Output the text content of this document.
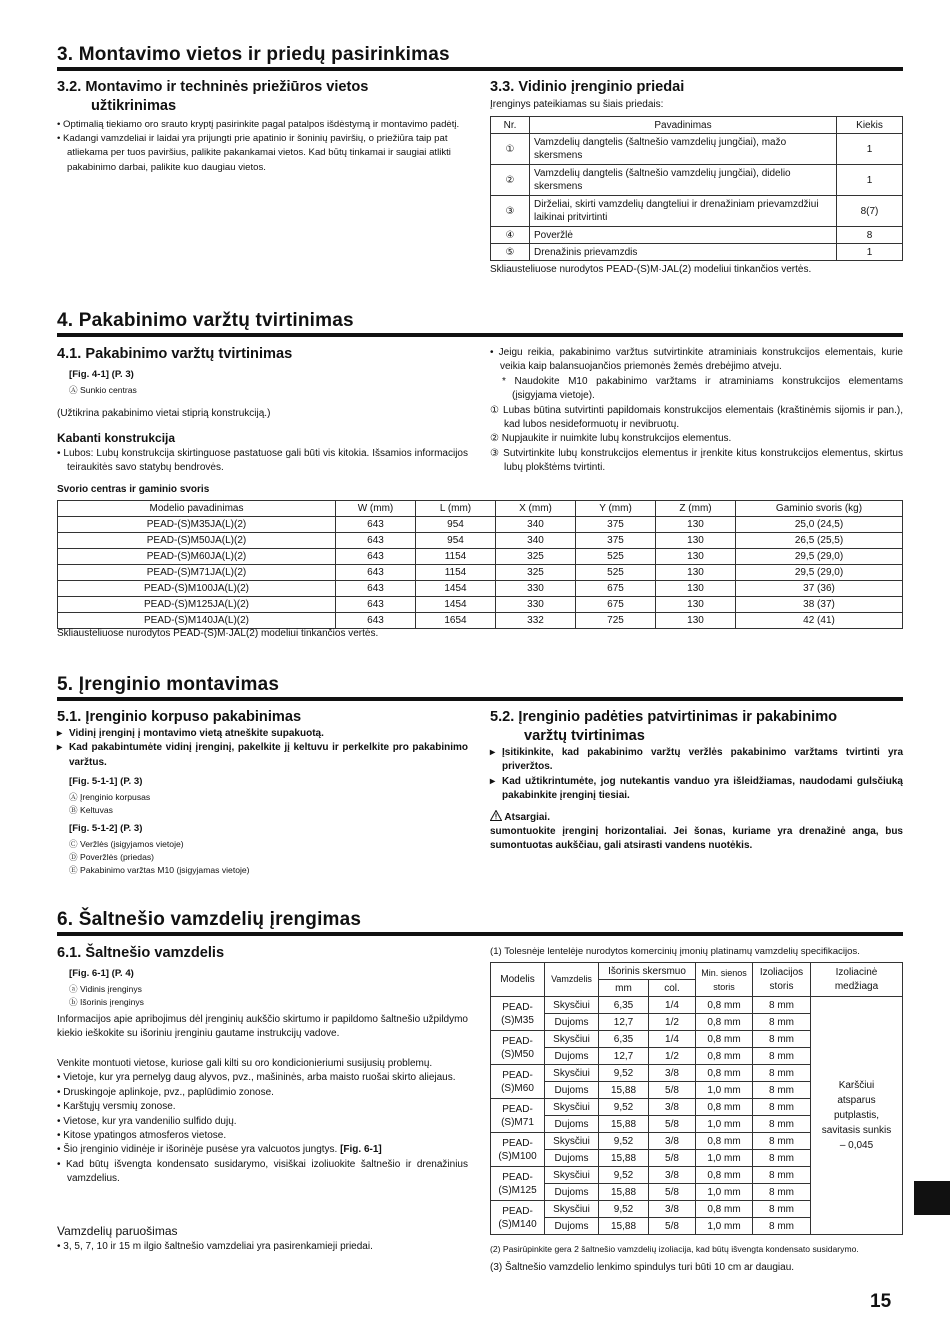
3. Montavimo vietos ir priedų pasirinkimas
3.2. Montavimo ir techninės priežiūros vietos
užtikrinimas
• Optimalią tiekiamo oro srauto kryptį pasirinkite pagal patalpos išdėstymą ir montavimo padėtį.
• Kadangi vamzdeliai ir laidai yra prijungti prie apatinio ir šoninių paviršių, o priežiūra taip pat atliekama per tuos paviršius, palikite pakankamai vietos. Kad būtų tinkamai ir saugiai atlikti pakabinimo darbai, palikite kuo daugiau vietos.
3.3. Vidinio įrenginio priedai
Įrenginys pateikiamas su šiais priedais:
Nr.	Pavadinimas	Kiekis
①	Vamzdelių dangtelis (šaltnešio vamzdelių jungčiai), mažo skersmens	1
②	Vamzdelių dangtelis (šaltnešio vamzdelių jungčiai), didelio skersmens	1
③	Dirželiai, skirti vamzdelių dangteliui ir drenažiniam prievamzdžiui laikinai pritvirtinti	8(7)
④	Poveržlė	8
⑤	Drenažinis prievamzdis	1
Skliausteliuose nurodytos PEAD-(S)M·JAL(2) modeliui tinkančios vertės.
4. Pakabinimo varžtų tvirtinimas
4.1. Pakabinimo varžtų tvirtinimas
[Fig. 4-1] (P. 3)
Ⓐ Sunkio centras
(Užtikrina pakabinimo vietai stiprią konstrukciją.)
Kabanti konstrukcija
• Lubos: Lubų konstrukcija skirtinguose pastatuose gali būti vis kitokia. Išsamios informacijos teiraukitės savo statybų bendrovės.
• Jeigu reikia, pakabinimo varžtus sutvirtinkite atraminiais konstrukcijos elementais, kurie veikia kaip balansuojančios priemonės žemės drebėjimo atveju.
* Naudokite M10 pakabinimo varžtams ir atraminiams konstrukcijos elementams (įsigyjama vietoje).
① Lubas būtina sutvirtinti papildomais konstrukcijos elementais (kraštinėmis sijomis ir pan.), kad lubos nesideformuotų ir nevibruotų.
② Nupjaukite ir nuimkite lubų konstrukcijos elementus.
③ Sutvirtinkite lubų konstrukcijos elementus ir įrenkite kitus konstrukcijos elementus, skirtus lubų plokštėms tvirtinti.
Svorio centras ir gaminio svoris
Modelio pavadinimas	W (mm)	L (mm)	X (mm)	Y (mm)	Z (mm)	Gaminio svoris (kg)
PEAD-(S)M35JA(L)(2)	643	954	340	375	130	25,0 (24,5)
PEAD-(S)M50JA(L)(2)	643	954	340	375	130	26,5 (25,5)
PEAD-(S)M60JA(L)(2)	643	1154	325	525	130	29,5 (29,0)
PEAD-(S)M71JA(L)(2)	643	1154	325	525	130	29,5 (29,0)
PEAD-(S)M100JA(L)(2)	643	1454	330	675	130	37 (36)
PEAD-(S)M125JA(L)(2)	643	1454	330	675	130	38 (37)
PEAD-(S)M140JA(L)(2)	643	1654	332	725	130	42 (41)
Skliausteliuose nurodytos PEAD-(S)M·JAL(2) modeliui tinkančios vertės.
5. Įrenginio montavimas
5.1. Įrenginio korpuso pakabinimas
▸ Vidinį įrenginį į montavimo vietą atneškite supakuotą.
▸ Kad pakabintumėte vidinį įrenginį, pakelkite jį keltuvu ir perkelkite pro pakabinimo varžtus.
[Fig. 5-1-1] (P. 3)
Ⓐ Įrenginio korpusas
Ⓑ Keltuvas
[Fig. 5-1-2] (P. 3)
Ⓒ Veržlės (įsigyjamos vietoje)
Ⓓ Poveržlės (priedas)
Ⓔ Pakabinimo varžtas M10 (įsigyjamas vietoje)
5.2. Įrenginio padėties patvirtinimas ir pakabinimo
varžtų tvirtinimas
▸ Įsitikinkite, kad pakabinimo varžtų veržlės pakabinimo varžtams tvirtinti yra priveržtos.
▸ Kad užtikrintumėte, jog nutekantis vanduo yra išleidžiamas, naudodami gulsčiuką pakabinkite įrenginį tiesiai.
Atsargiai.
sumontuokite įrenginį horizontaliai. Jei šonas, kuriame yra drenažinė anga, bus sumontuotas aukščiau, gali atsirasti vandens nuotėkis.
6. Šaltnešio vamzdelių įrengimas
6.1. Šaltnešio vamzdelis
[Fig. 6-1] (P. 4)
ⓐ Vidinis įrenginys
ⓑ Išorinis įrenginys
Informacijos apie apribojimus dėl įrenginių aukščio skirtumo ir papildomo šaltnešio užpildymo kiekio ieškokite su išoriniu įrenginiu gautame instrukcijų vadove.
Venkite montuoti vietose, kuriose gali kilti su oro kondicionieriumi susijusių problemų.
• Vietoje, kur yra pernelyg daug alyvos, pvz., mašininės, arba maisto ruošai skirto aliejaus.
• Druskingoje aplinkoje, pvz., paplūdimio zonose.
• Karštųjų versmių zonose.
• Vietose, kur yra vandenilio sulfido dujų.
• Kitose ypatingos atmosferos vietose.
• Šio įrenginio vidinėje ir išorinėje pusėse yra valcuotos jungtys. [Fig. 6-1]
• Kad būtų išvengta kondensato susidarymo, visiškai izoliuokite šaltnešio ir drenažinius vamzdelius.
Vamzdelių paruošimas
• 3, 5, 7, 10 ir 15 m ilgio šaltnešio vamzdeliai yra pasirenkamieji priedai.
(1) Tolesnėje lentelėje nurodytos komercinių įmonių platinamų vamzdelių specifikacijos.
Modelis	Vamzdelis	Išorinis skersmuo		Min. sienos storis	Izoliacijos storis	Izoliacinė medžiaga
		mm	col.			
PEAD-(S)M35	Skysčiui	6,35	1/4	0,8 mm	8 mm	Karščiui atsparus putplastis, savitasis sunkis – 0,045
	Dujoms	12,7	1/2	0,8 mm	8 mm	
PEAD-(S)M50	Skysčiui	6,35	1/4	0,8 mm	8 mm	
	Dujoms	12,7	1/2	0,8 mm	8 mm	
PEAD-(S)M60	Skysčiui	9,52	3/8	0,8 mm	8 mm	
	Dujoms	15,88	5/8	1,0 mm	8 mm	
PEAD-(S)M71	Skysčiui	9,52	3/8	0,8 mm	8 mm	
	Dujoms	15,88	5/8	1,0 mm	8 mm	
PEAD-(S)M100	Skysčiui	9,52	3/8	0,8 mm	8 mm	
	Dujoms	15,88	5/8	1,0 mm	8 mm	
PEAD-(S)M125	Skysčiui	9,52	3/8	0,8 mm	8 mm	
	Dujoms	15,88	5/8	1,0 mm	8 mm	
PEAD-(S)M140	Skysčiui	9,52	3/8	0,8 mm	8 mm	
	Dujoms	15,88	5/8	1,0 mm	8 mm	
(2) Pasirūpinkite gera 2 šaltnešio vamzdelių izoliacija, kad būtų išvengta kondensato susidarymo.
(3) Šaltnešio vamzdelio lenkimo spindulys turi būti 10 cm ar daugiau.
15
